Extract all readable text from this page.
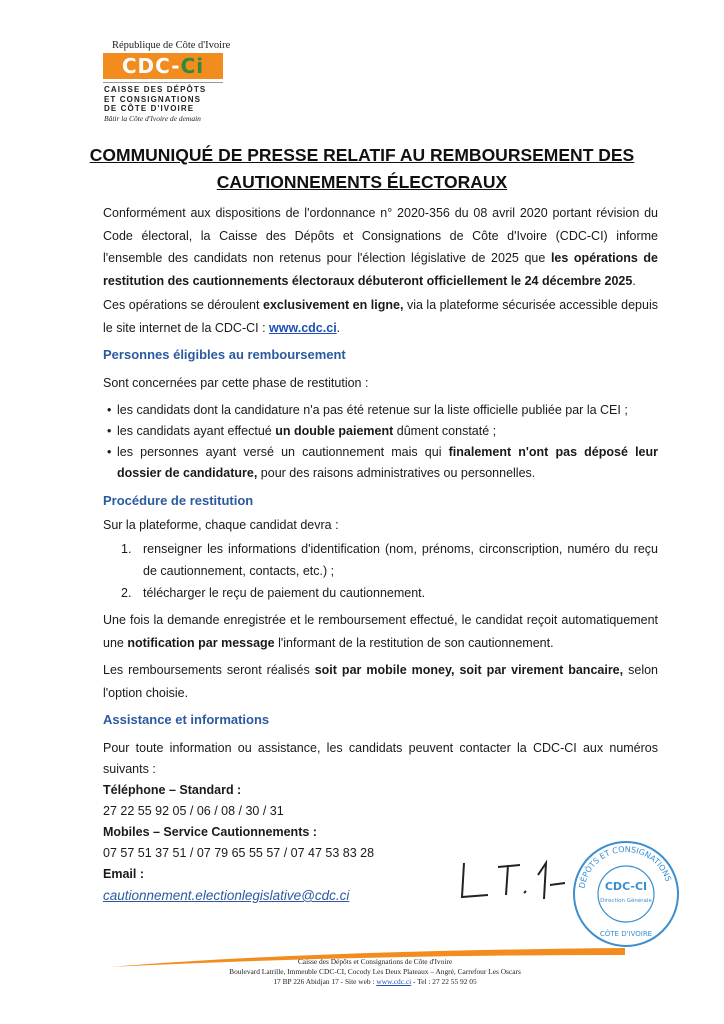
République de Côte d'Ivoire
CDC- Ci
CAISSE DES DÉPÔTS
ET CONSIGNATIONS
DE CÔTE D'IVOIRE
Bâtir la Côte d'Ivoire de demain
COMMUNIQUÉ DE PRESSE RELATIF AU REMBOURSEMENT DES
CAUTIONNEMENTS ÉLECTORAUX
Conformément aux dispositions de l'ordonnance n° 2020-356 du 08 avril 2020 portant révision du Code électoral, la Caisse des Dépôts et Consignations de Côte d'Ivoire (CDC-CI) informe l'ensemble des candidats non retenus pour l'élection législative de 2025 que les opérations de restitution des cautionnements électoraux débuteront officiellement le 24 décembre 2025.
Ces opérations se déroulent exclusivement en ligne, via la plateforme sécurisée accessible depuis le site internet de la CDC-CI : www.cdc.ci.
Personnes éligibles au remboursement
Sont concernées par cette phase de restitution :
• les candidats dont la candidature n'a pas été retenue sur la liste officielle publiée par la CEI ;
• les candidats ayant effectué un double paiement dûment constaté ;
• les personnes ayant versé un cautionnement mais qui finalement n'ont pas déposé leur dossier de candidature, pour des raisons administratives ou personnelles.
Procédure de restitution
Sur la plateforme, chaque candidat devra :
1. renseigner les informations d'identification (nom, prénoms, circonscription, numéro du reçu de cautionnement, contacts, etc.) ;
2. télécharger le reçu de paiement du cautionnement.
Une fois la demande enregistrée et le remboursement effectué, le candidat reçoit automatiquement une notification par message l'informant de la restitution de son cautionnement.
Les remboursements seront réalisés soit par mobile money, soit par virement bancaire, selon l'option choisie.
Assistance et informations
Pour toute information ou assistance, les candidats peuvent contacter la CDC-CI aux numéros suivants :
Téléphone – Standard :
27 22 55 92 05 / 06 / 08 / 30 / 31
Mobiles – Service Cautionnements :
07 57 51 37 51 / 07 79 65 55 57 / 07 47 53 83 28
Email :
cautionnement.electionlegislative@cdc.ci
DÉPÔTS ET CONSIGNATIONS
CDC-CI
Direction Générale
CÔTE D'IVOIRE
Caisse des Dépôts et Consignations de Côte d'Ivoire
Boulevard Latrille, Immeuble CDC-CI, Cocody Les Deux Plateaux – Angré, Carrefour Les Oscars
17 BP 226 Abidjan 17 - Site web : www.cdc.ci - Tel : 27 22 55 92 05
